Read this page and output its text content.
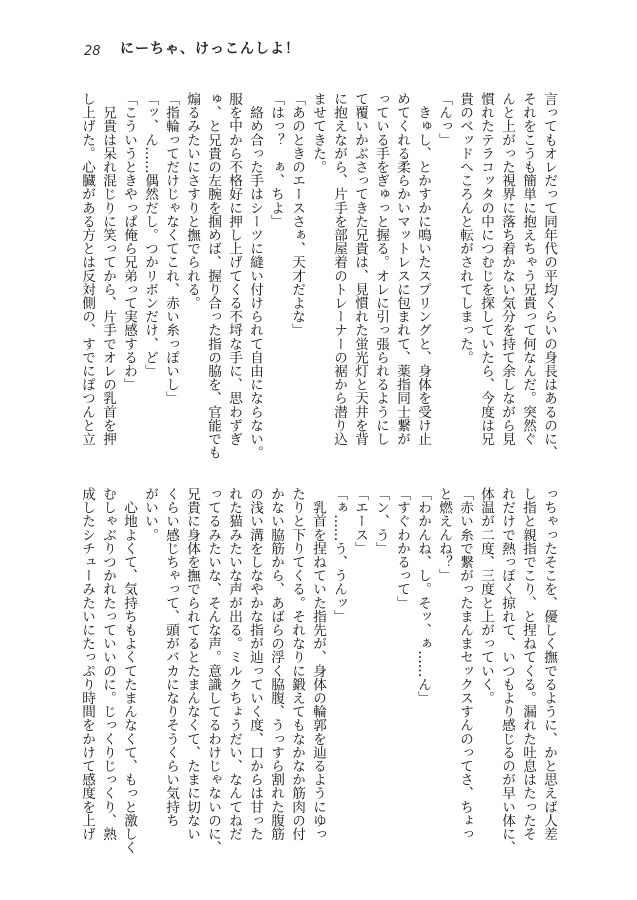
28 にーちゃ、けっこんしよ！
言ってもオレだって同年代の平均くらいの身長はあるのに、
それをこうも簡単に抱えちゃう兄貴って何なんだ。突然ぐ
んと上がった視界に落ち着かない気分を持て余しながら見
慣れたテラコッタの中につむじを探していたら、今度は兄
貴のベッドへころんと転がされてしまった。
「んっ」
　きゅし、とかすかに鳴いたスプリングと、身体を受け止
めてくれる柔らかいマットレスに包まれて、薬指同士繋が
っている手をぎゅっと握る。オレに引っ張られるようにし
て覆いかぶさってきた兄貴は、見慣れた蛍光灯と天井を背
に抱えながら、片手を部屋着のトレーナーの裾から潜り込
ませてきた。
「あのときのエースさぁ、天才だよな」
「はっ？　ぁ、ちよ」
　絡め合った手はシーツに縫い付けられて自由にならない。
服を中から不格好に押し上げてくる不埒な手に、思わずぎ
ゅ、と兄貴の左腕を掴めば、握り合った指の脇を、官能でも
煽るみたいにさすりと撫でられる。
「指輪ってだけじゃなくてこれ、赤い糸っぽいし」
「ッ、ん……偶然だし。つかリボンだけ、ど」
「こういうときやっぱ俺ら兄弟って実感するわ」
　兄貴は呆れ混じりに笑ってから、片手でオレの乳首を押
し上げた。心臓がある方とは反対側の、すでにぽつんと立
っちゃったそこを、優しく撫でるように、かと思えば人差
し指と親指でこり、と捏ねてくる。漏れた吐息はたったそ
れだけで熱っぽく掠れて、いつもより感じるのが早い体に、
体温が二度、三度と上がっていく。
「赤い糸で繋がったまんまセックスすんのってさ、ちょっ
と燃えんね？」
「わかんね、し。そッ、ぁ……ん」
「すぐわかるって」
「ン、う」
「エース」
「ぁ……う、うんッ」
　乳首を捏ねていた指先が、身体の輪郭を辿るようにゆっ
たりと下りてくる。それなりに鍛えてもなかなか筋肉の付
かない脇筋から、あばらの浮く脇腹、うっすら割れた腹筋
の浅い溝をしなやかな指が辿っていく度、口からは甘った
れた猫みたいな声が出る。ミルクちょうだい、なんてねだ
ってるみたいな、そんな声。意識してるわけじゃないのに、
兄貴に身体を撫でられてるとたまんなくて、たまに切ない
くらい感じちゃって、頭がバカになりそうくらい気持ち
がいい。
　心地よくて、気持ちもよくてたまんなくて、もっと激しく
むしゃぶりつかれたっていいのに。じっくりじっくり、熟
成したシチューみたいにたっぷり時間をかけて感度を上げ
